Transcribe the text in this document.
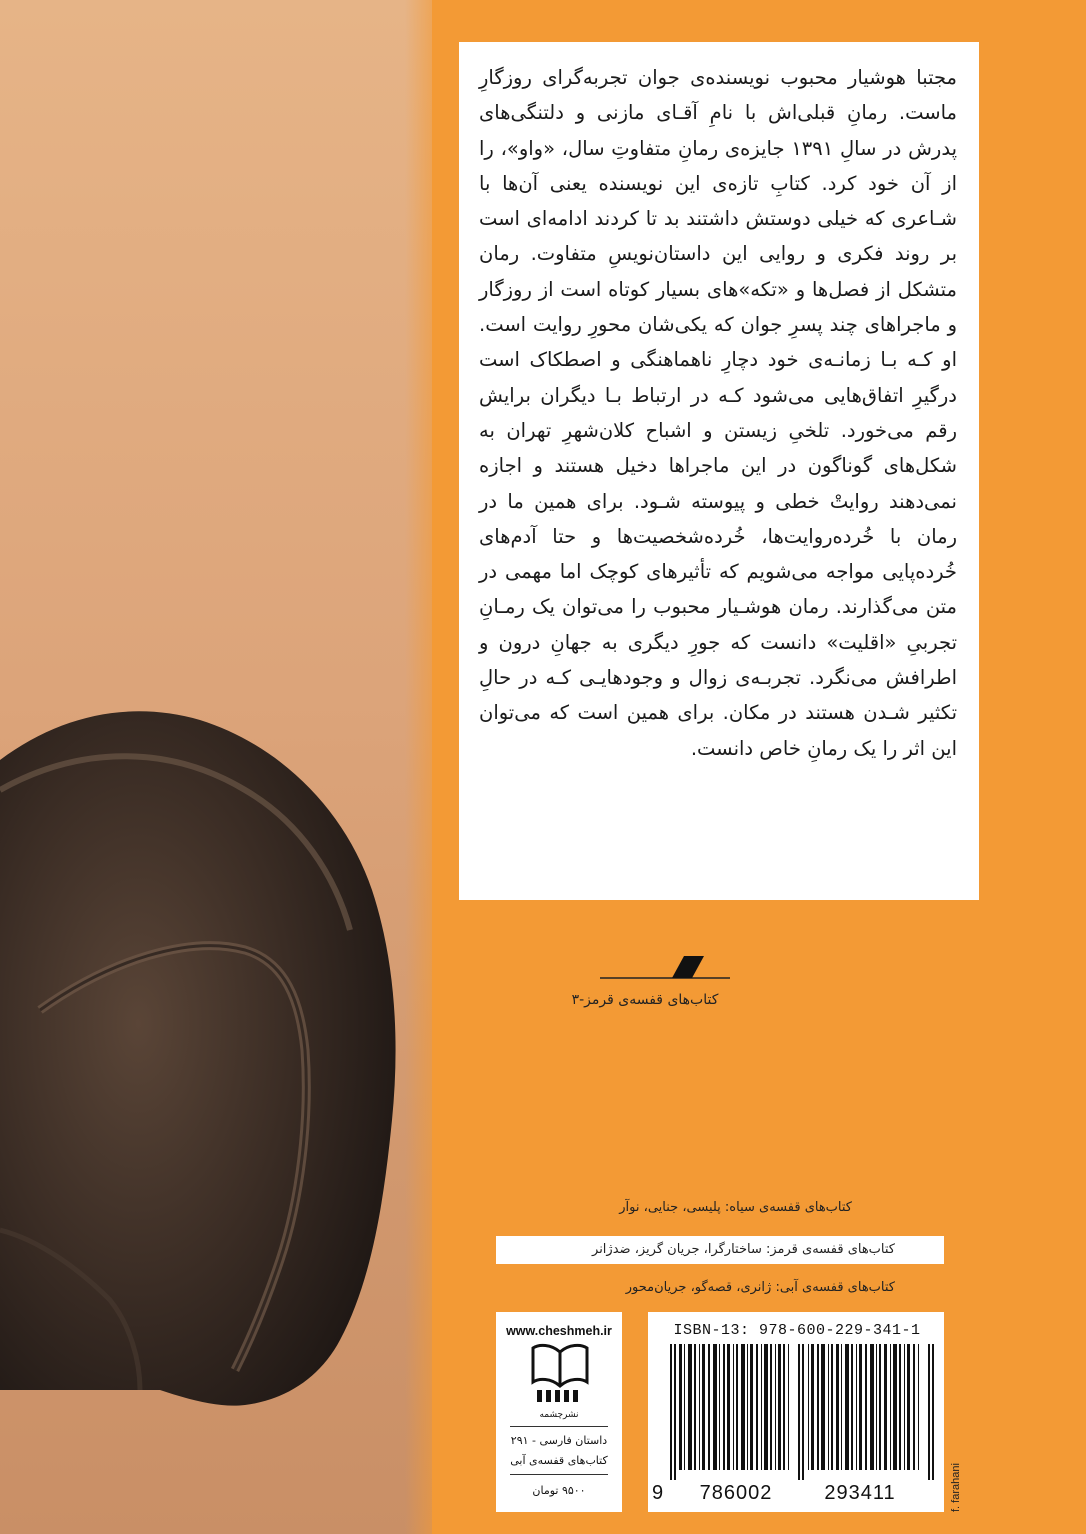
مجتبا هوشیار محبوب نویسنده‌ی جوان تجربه‌گرای روزگارِ ماست. رمانِ قبلی‌اش با نامِ آقـای مازنی و دلتنگی‌های پدرش در سالِ ۱۳۹۱ جایزه‌ی رمانِ متفاوتِ سال، «واو»، را از آن خود کرد. کتابِ تازه‌ی این نویسنده یعنی آن‌ها با شـاعری که خیلی دوستش داشتند بد تا کردند ادامه‌ای است بر روند فکری و روایی این داستان‌نویسِ متفاوت. رمان متشکل از فصل‌ها و «تکه»‌های بسیار کوتاه است از روزگار و ماجراهای چند پسرِ جوان که یکی‌شان محورِ روایت است. او کـه بـا زمانـه‌ی خود دچارِ ناهماهنگی و اصطکاک است درگیرِ اتفاق‌هایی می‌شود کـه در ارتباط بـا دیگران برایش رقم می‌خورد. تلخیِ زیستن و اشباح کلان‌شهرِ تهران به شکل‌های گوناگون در این ماجراها دخیل هستند و اجازه نمی‌دهند روایتْ خطی و پیوسته شـود. برای همین ما در رمان با خُرده‌روایت‌ها، خُرده‌شخصیت‌ها و حتا آدم‌های خُرده‌پایی مواجه می‌شویم که تأثیرهای کوچک اما مهمی در متن می‌گذارند. رمان هوشـیار محبوب را می‌توان یک رمـانِ تجربیِ «اقلیت» دانست که جورِ دیگری به جهانِ درون و اطرافش می‌نگرد. تجربـه‌ی زوال و وجودهایـی کـه در حالِ تکثیر شـدن هستند در مکان. برای همین است که می‌توان این اثر را یک رمانِ خاص دانست.

کتاب‌های قفسه‌ی قرمز-۳
کتاب‌های قفسه‌ی سیاه: پلیسی، جنایی، نوآر
کتاب‌های قفسه‌ی قرمز: ساختارگرا، جریان گریز، ضدژانر
کتاب‌های قفسه‌ی آبی: ژانری، قصه‌گو، جریان‌محور
www.cheshmeh.ir
نشرچشمه
داستان فارسی - ۲۹۱
کتاب‌های قفسه‌ی آبی
۹۵۰۰ تومان
ISBN-13: 978-600-229-341-1
9	786002	293411	f. farahani
